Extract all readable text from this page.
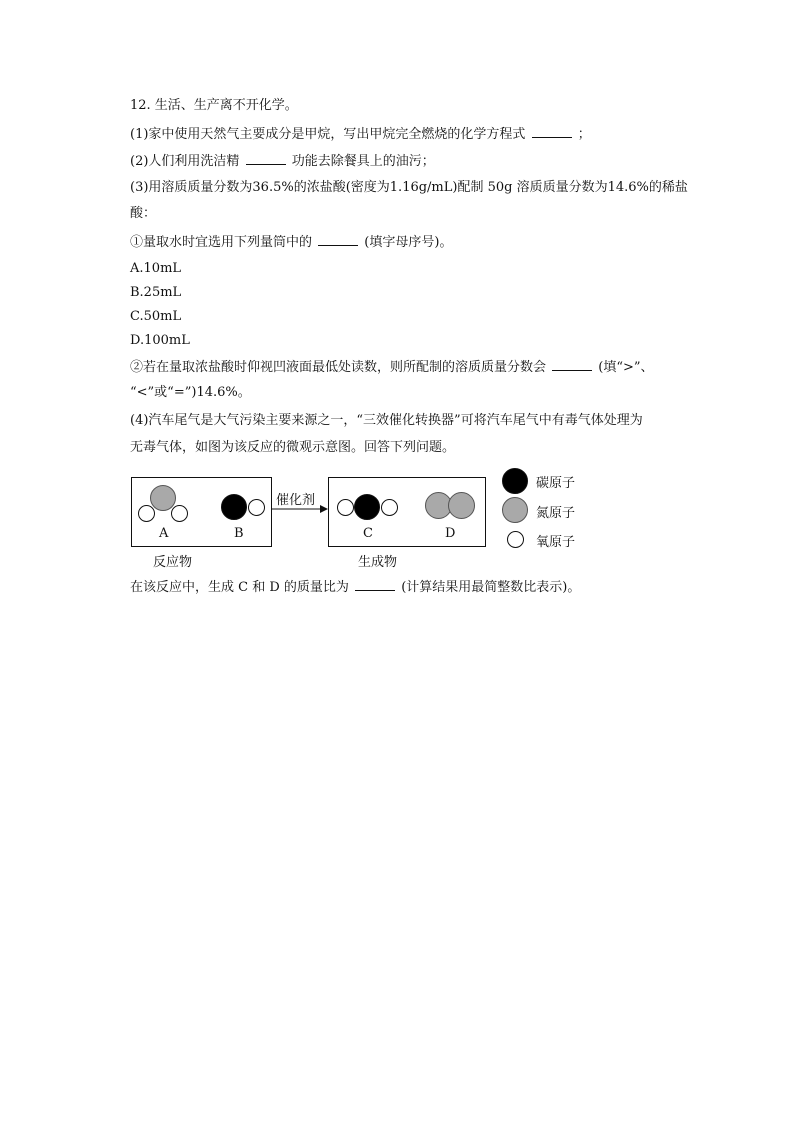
12. 生活、生产离不开化学。
(1)家中使用天然气主要成分是甲烷，写出甲烷完全燃烧的化学方程式	；
(2)人们利用洗洁精	功能去除餐具上的油污；
(3)用溶质质量分数为36.5%的浓盐酸(密度为1.16g/mL)配制 50g 溶质质量分数为14.6%的稀盐
酸：
①量取水时宜选用下列量筒中的	(填字母序号)。
A.10mL
B.25mL
C.50mL
D.100mL
②若在量取浓盐酸时仰视凹液面最低处读数，则所配制的溶质质量分数会	(填“>”、
“<”或“=”)14.6%。
(4)汽车尾气是大气污染主要来源之一，“三效催化转换器”可将汽车尾气中有毒气体处理为
无毒气体，如图为该反应的微观示意图。回答下列问题。
A	B
催化剂
C	D
反应物	生成物
碳原子
氮原子
氧原子
在该反应中，生成 C 和 D 的质量比为	(计算结果用最简整数比表示)。
